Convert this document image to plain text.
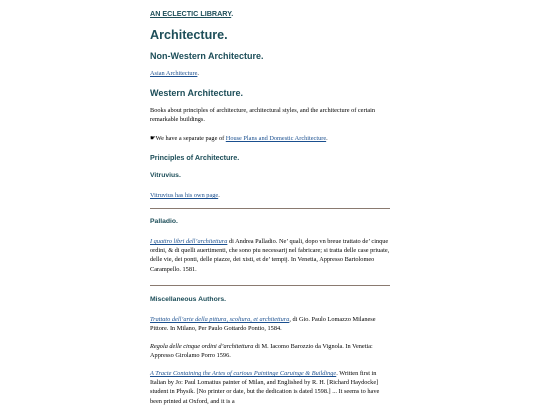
AN ECLECTIC LIBRARY.
Architecture.
Non-Western Architecture.
Asian Architecture.
Western Architecture.
Books about principles of architecture, architectural styles, and the architecture of certain remarkable buildings.
☛We have a separate page of House Plans and Domestic Architecture.
Principles of Architecture.
Vitruvius.
Vitruvius has his own page.
Palladio.
I quattro libri dell’architettura di Andrea Palladio. Ne’ quali, dopo vn breue trattato de’ cinque ordini, & di quelli auertimenti, che sono piu necessarij nel fabricare; si tratta delle case priuate, delle vie, dei ponti, delle piazze, dei xisti, et de’ tempij. In Venetia, Appresso Bartolomeo Carampello. 1581.
Miscellaneous Authors.
Trattato dell’arte della pittura, scoltura, et architettura, di Gio. Paulo Lomazzo Milanese Pittore. In Milano, Per Paulo Gottardo Pontio, 1584.
Regola delle cinque ordini d’architettura di M. Iacomo Barozzio da Vignola. In Venetia: Appresso Girolamo Porro 1596.
A Tracte Containing the Artes of curious Paintinge Caruinge & Buildinge. Written first in Italian by Jo: Paul Lomatius painter of Milan, and Englished by R. H. [Richard Haydocke] student in Physik. [No printer or date, but the dedication is dated 1598.] ... It seems to have been printed at Oxford, and it is a
